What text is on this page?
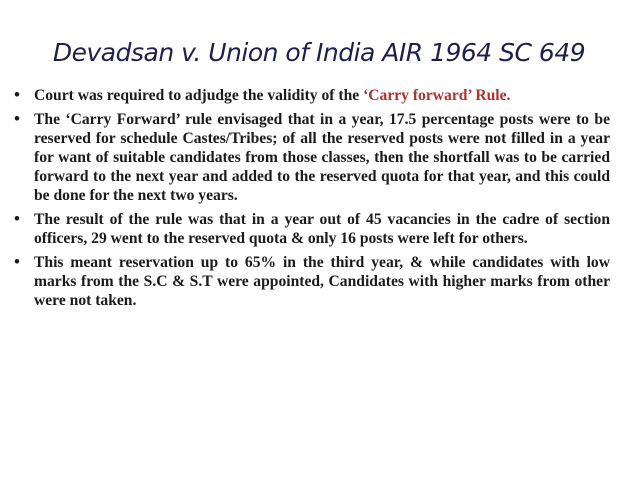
Devadsan v. Union of India AIR 1964 SC 649
• Court was required to adjudge the validity of the ‘Carry forward’ Rule.
• The ‘Carry Forward’ rule envisaged that in a year, 17.5 percentage posts were to be reserved for schedule Castes/Tribes; of all the reserved posts were not filled in a year for want of suitable candidates from those classes, then the shortfall was to be carried forward to the next year and added to the reserved quota for that year, and this could be done for the next two years.
• The result of the rule was that in a year out of 45 vacancies in the cadre of section officers, 29 went to the reserved quota & only 16 posts were left for others.
• This meant reservation up to 65% in the third year, & while candidates with low marks from the S.C & S.T were appointed, Candidates with higher marks from other were not taken.
